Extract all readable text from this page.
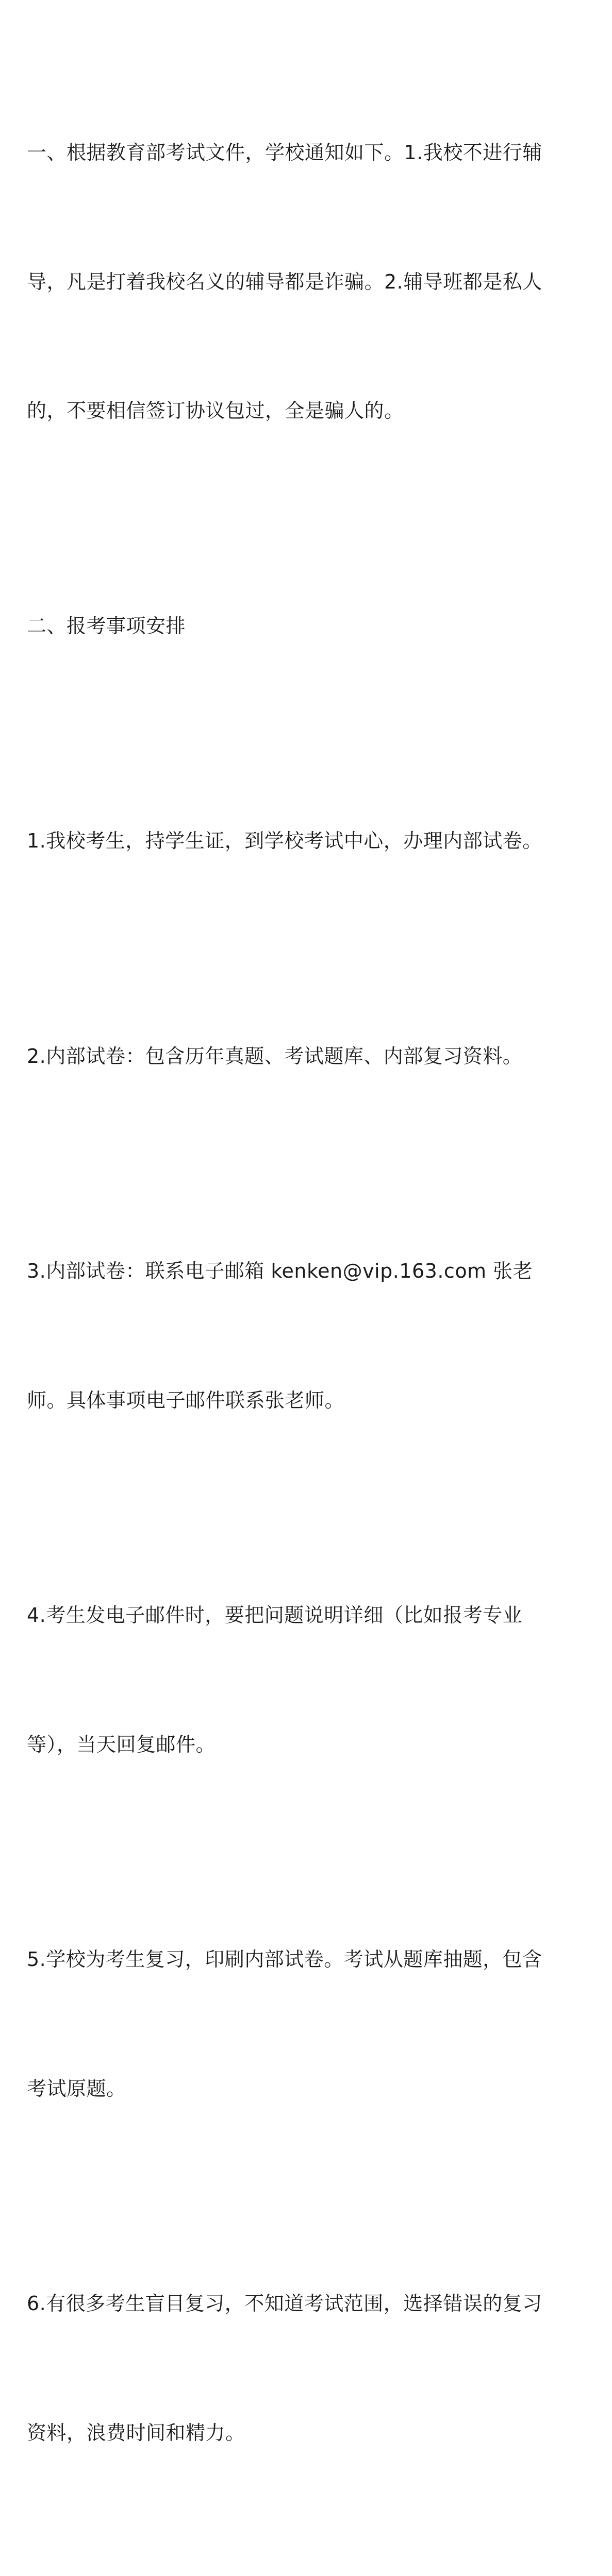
一、根据教育部考试文件，学校通知如下。1.我校不进行辅

导，凡是打着我校名义的辅导都是诈骗。2.辅导班都是私人

的，不要相信签订协议包过，全是骗人的。

二、报考事项安排

1.我校考生，持学生证，到学校考试中心，办理内部试卷。

2.内部试卷：包含历年真题、考试题库、内部复习资料。

3.内部试卷：联系电子邮箱 kenken@vip.163.com 张老

师。具体事项电子邮件联系张老师。

4.考生发电子邮件时，要把问题说明详细（比如报考专业

等），当天回复邮件。

5.学校为考生复习，印刷内部试卷。考试从题库抽题，包含

考试原题。

6.有很多考生盲目复习，不知道考试范围，选择错误的复习

资料，浪费时间和精力。
